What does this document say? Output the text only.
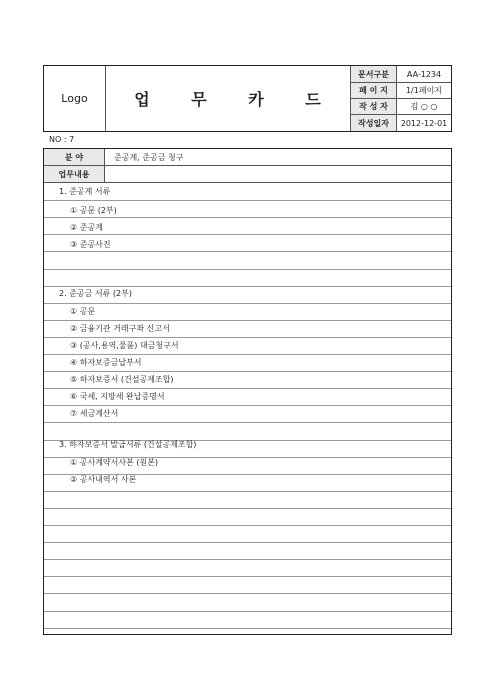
Logo	업 무 카 드
문서구분	AA-1234
페 이 지	1/1페이지
작 성 자	김 ○ ○
작성일자	2012-12-01
NO : 7
분 야	준공계, 준공금 청구
업무내용
1. 준공계 서류
① 공문 (2부)
② 준공계
③ 준공사진
2. 준공금 서류 (2부)
① 공문
② 금융기관 거래구좌 신고서
③ (공사,용역,물품) 대금청구서
④ 하자보증금납부서
⑤ 하자보증서 (건설공제조합)
⑥ 국세, 지방세 완납증명서
⑦ 세금계산서
3. 하자보증서 발급서류 (건설공제조합)
① 공사계약서사본 (원본)
② 공사내역서 사본
